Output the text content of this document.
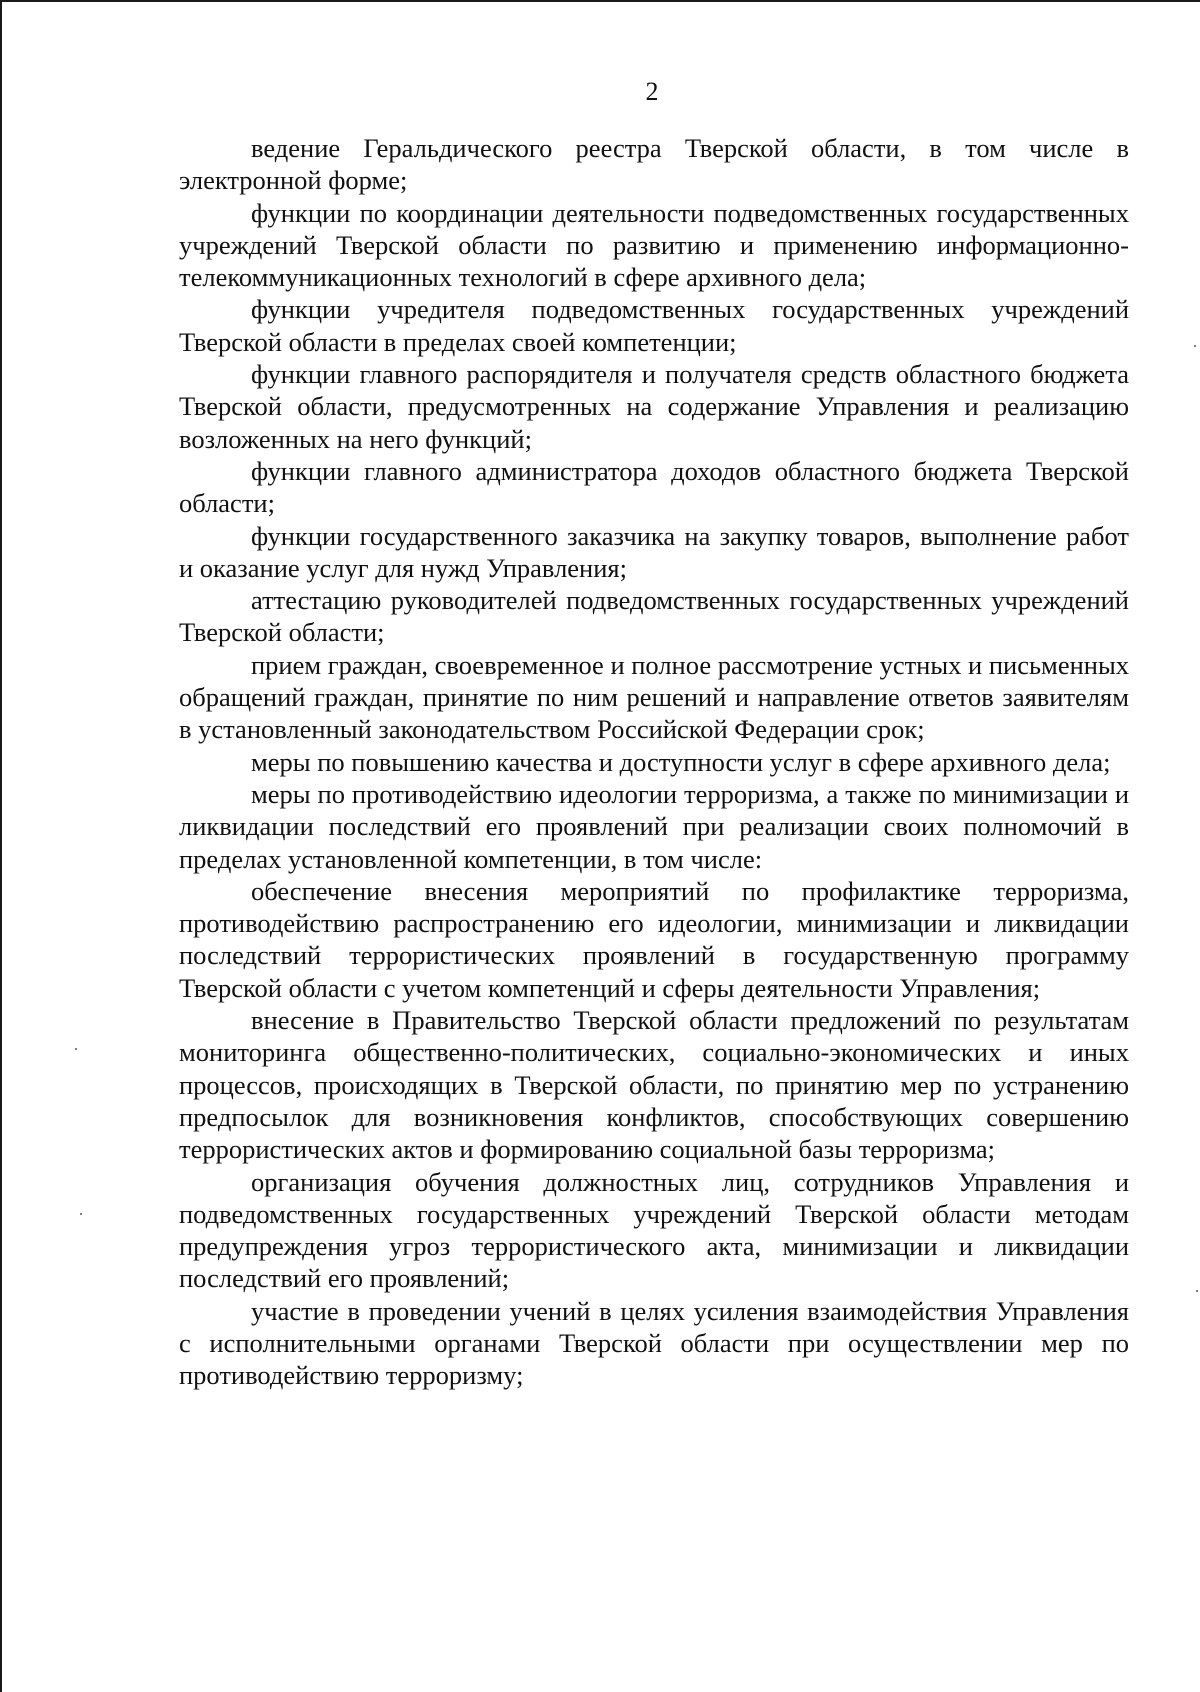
2

ведение Геральдического реестра Тверской области, в том числе в электронной форме;

функции по координации деятельности подведомственных государственных учреждений Тверской области по развитию и применению информационно-телекоммуникационных технологий в сфере архивного дела;

функции учредителя подведомственных государственных учреждений Тверской области в пределах своей компетенции;

функции главного распорядителя и получателя средств областного бюджета Тверской области, предусмотренных на содержание Управления и реализацию возложенных на него функций;

функции главного администратора доходов областного бюджета Тверской области;

функции государственного заказчика на закупку товаров, выполнение работ и оказание услуг для нужд Управления;

аттестацию руководителей подведомственных государственных учреждений Тверской области;

прием граждан, своевременное и полное рассмотрение устных и письменных обращений граждан, принятие по ним решений и направление ответов заявителям в установленный законодательством Российской Федерации срок;

меры по повышению качества и доступности услуг в сфере архивного дела;

меры по противодействию идеологии терроризма, а также по минимизации и ликвидации последствий его проявлений при реализации своих полномочий в пределах установленной компетенции, в том числе:

обеспечение внесения мероприятий по профилактике терроризма, противодействию распространению его идеологии, минимизации и ликвидации последствий террористических проявлений в государственную программу Тверской области с учетом компетенций и сферы деятельности Управления;

внесение в Правительство Тверской области предложений по результатам мониторинга общественно-политических, социально-экономических и иных процессов, происходящих в Тверской области, по принятию мер по устранению предпосылок для возникновения конфликтов, способствующих совершению террористических актов и формированию социальной базы терроризма;

организация обучения должностных лиц, сотрудников Управления и подведомственных государственных учреждений Тверской области методам предупреждения угроз террористического акта, минимизации и ликвидации последствий его проявлений;

участие в проведении учений в целях усиления взаимодействия Управления с исполнительными органами Тверской области при осуществлении мер по противодействию терроризму;
